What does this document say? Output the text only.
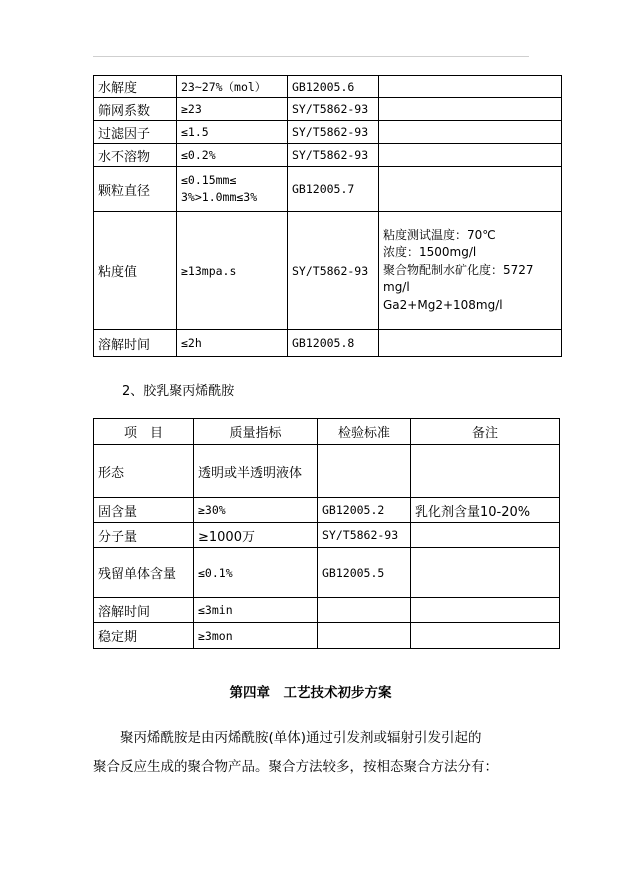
水解度	23~27%（mol）	GB12005.6	
筛网系数	≥23	SY/T5862-93	
过滤因子	≤1.5	SY/T5862-93	
水不溶物	≤0.2%	SY/T5862-93	
颗粒直径	≤0.15mm≤
3%>1.0mm≤3%	GB12005.7	
粘度值	≥13mpa.s	SY/T5862-93	粘度测试温度：70℃
浓度：1500mg/l
聚合物配制水矿化度：5727 mg/l
Ga2+Mg2+108mg/l

溶解时间	≤2h	GB12005.8	
2、胶乳聚丙烯酰胺
项　目	质量指标	检验标准	备注
形态	透明或半透明液体		
固含量	≥30%	GB12005.2	乳化剂含量10-20%
分子量	≥1000万	SY/T5862-93	
残留单体含量	≤0.1%	GB12005.5	
溶解时间	≤3min		
稳定期	≥3mon		
第四章　工艺技术初步方案
聚丙烯酰胺是由丙烯酰胺(单体)通过引发剂或辐射引发引起的
聚合反应生成的聚合物产品。聚合方法较多，按相态聚合方法分有：
